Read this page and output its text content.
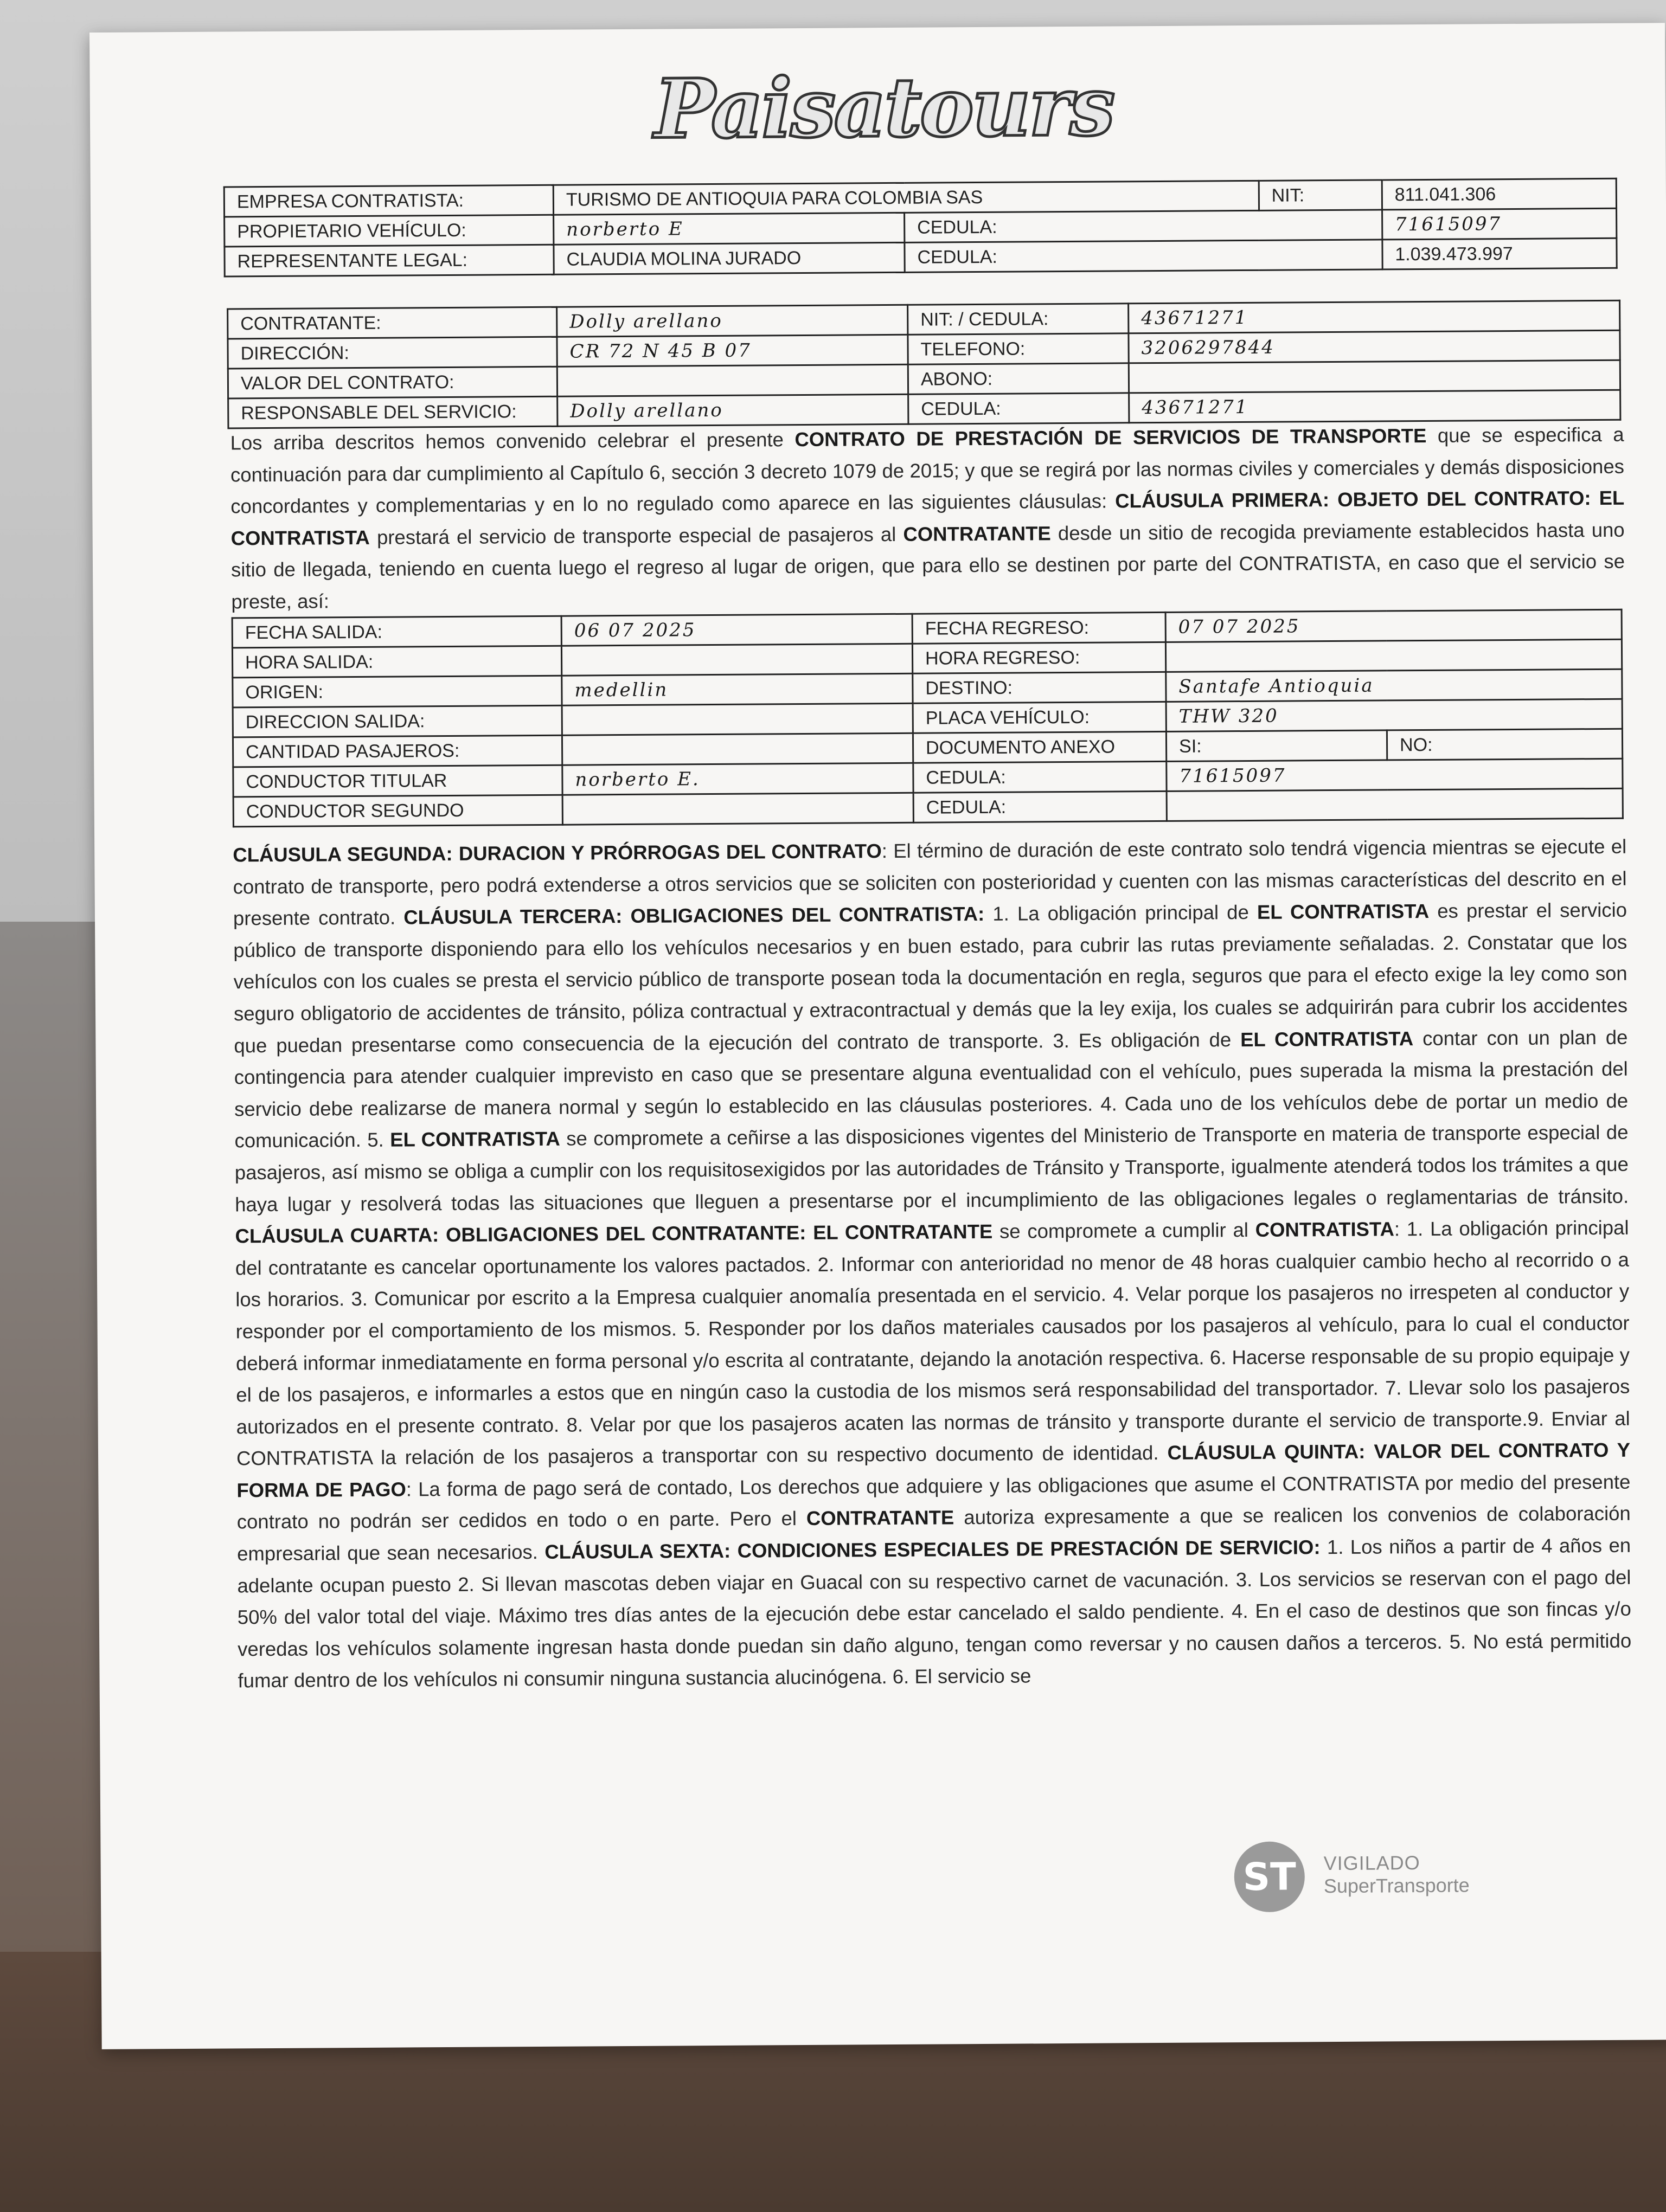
Paisatours
EMPRESA CONTRATISTA:	TURISMO DE ANTIOQUIA PARA COLOMBIA SAS		NIT:	811.041.306
PROPIETARIO VEHÍCULO:	norberto E	CEDULA:		71615097
REPRESENTANTE LEGAL:	CLAUDIA MOLINA JURADO	CEDULA:		1.039.473.997
CONTRATANTE:	Dolly arellano	NIT: / CEDULA:	43671271
DIRECCIÓN:	CR 72 N 45 B 07	TELEFONO:	3206297844
VALOR DEL CONTRATO:		ABONO:	
RESPONSABLE DEL SERVICIO:	Dolly arellano	CEDULA:	43671271
Los arriba descritos hemos convenido celebrar el presente CONTRATO DE PRESTACIÓN DE SERVICIOS DE TRANSPORTE que se especifica a continuación para dar cumplimiento al Capítulo 6, sección 3 decreto 1079 de 2015; y que se regirá por las normas civiles y comerciales y demás disposiciones concordantes y complementarias y en lo no regulado como aparece en las siguientes cláusulas: CLÁUSULA PRIMERA: OBJETO DEL CONTRATO: EL CONTRATISTA prestará el servicio de transporte especial de pasajeros al CONTRATANTE desde un sitio de recogida previamente establecidos hasta uno sitio de llegada, teniendo en cuenta luego el regreso al lugar de origen, que para ello se destinen por parte del CONTRATISTA, en caso que el servicio se preste, así:
FECHA SALIDA:	06 07 2025	FECHA REGRESO:	07 07 2025	
HORA SALIDA:		HORA REGRESO:		
ORIGEN:	medellin	DESTINO:	Santafe Antioquia	
DIRECCION SALIDA:		PLACA VEHÍCULO:	THW 320	
CANTIDAD PASAJEROS:		DOCUMENTO ANEXO	SI:	NO:
CONDUCTOR TITULAR	norberto E.	CEDULA:	71615097	
CONDUCTOR SEGUNDO		CEDULA:		
CLÁUSULA SEGUNDA: DURACION Y PRÓRROGAS DEL CONTRATO: El término de duración de este contrato solo tendrá vigencia mientras se ejecute el contrato de transporte, pero podrá extenderse a otros servicios que se soliciten con posterioridad y cuenten con las mismas características del descrito en el presente contrato. CLÁUSULA TERCERA: OBLIGACIONES DEL CONTRATISTA: 1. La obligación principal de EL CONTRATISTA es prestar el servicio público de transporte disponiendo para ello los vehículos necesarios y en buen estado, para cubrir las rutas previamente señaladas. 2. Constatar que los vehículos con los cuales se presta el servicio público de transporte posean toda la documentación en regla, seguros que para el efecto exige la ley como son seguro obligatorio de accidentes de tránsito, póliza contractual y extracontractual y demás que la ley exija, los cuales se adquirirán para cubrir los accidentes que puedan presentarse como consecuencia de la ejecución del contrato de transporte. 3. Es obligación de EL CONTRATISTA contar con un plan de contingencia para atender cualquier imprevisto en caso que se presentare alguna eventualidad con el vehículo, pues superada la misma la prestación del servicio debe realizarse de manera normal y según lo establecido en las cláusulas posteriores. 4. Cada uno de los vehículos debe de portar un medio de comunicación. 5. EL CONTRATISTA se compromete a ceñirse a las disposiciones vigentes del Ministerio de Transporte en materia de transporte especial de pasajeros, así mismo se obliga a cumplir con los requisitosexigidos por las autoridades de Tránsito y Transporte, igualmente atenderá todos los trámites a que haya lugar y resolverá todas las situaciones que lleguen a presentarse por el incumplimiento de las obligaciones legales o reglamentarias de tránsito. CLÁUSULA CUARTA: OBLIGACIONES DEL CONTRATANTE: EL CONTRATANTE se compromete a cumplir al CONTRATISTA: 1. La obligación principal del contratante es cancelar oportunamente los valores pactados. 2. Informar con anterioridad no menor de 48 horas cualquier cambio hecho al recorrido o a los horarios. 3. Comunicar por escrito a la Empresa cualquier anomalía presentada en el servicio. 4. Velar porque los pasajeros no irrespeten al conductor y responder por el comportamiento de los mismos. 5. Responder por los daños materiales causados por los pasajeros al vehículo, para lo cual el conductor deberá informar inmediatamente en forma personal y/o escrita al contratante, dejando la anotación respectiva. 6. Hacerse responsable de su propio equipaje y el de los pasajeros, e informarles a estos que en ningún caso la custodia de los mismos será responsabilidad del transportador. 7. Llevar solo los pasajeros autorizados en el presente contrato. 8. Velar por que los pasajeros acaten las normas de tránsito y transporte durante el servicio de transporte.9. Enviar al CONTRATISTA la relación de los pasajeros a transportar con su respectivo documento de identidad. CLÁUSULA QUINTA: VALOR DEL CONTRATO Y FORMA DE PAGO: La forma de pago será de contado, Los derechos que adquiere y las obligaciones que asume el CONTRATISTA por medio del presente contrato no podrán ser cedidos en todo o en parte. Pero el CONTRATANTE autoriza expresamente a que se realicen los convenios de colaboración empresarial que sean necesarios. CLÁUSULA SEXTA: CONDICIONES ESPECIALES DE PRESTACIÓN DE SERVICIO: 1. Los niños a partir de 4 años en adelante ocupan puesto 2. Si llevan mascotas deben viajar en Guacal con su respectivo carnet de vacunación. 3. Los servicios se reservan con el pago del 50% del valor total del viaje. Máximo tres días antes de la ejecución debe estar cancelado el saldo pendiente. 4. En el caso de destinos que son fincas y/o veredas los vehículos solamente ingresan hasta donde puedan sin daño alguno, tengan como reversar y no causen daños a terceros. 5. No está permitido fumar dentro de los vehículos ni consumir ninguna sustancia alucinógena. 6. El servicio se
ST	VIGILADO
SuperTransporte
